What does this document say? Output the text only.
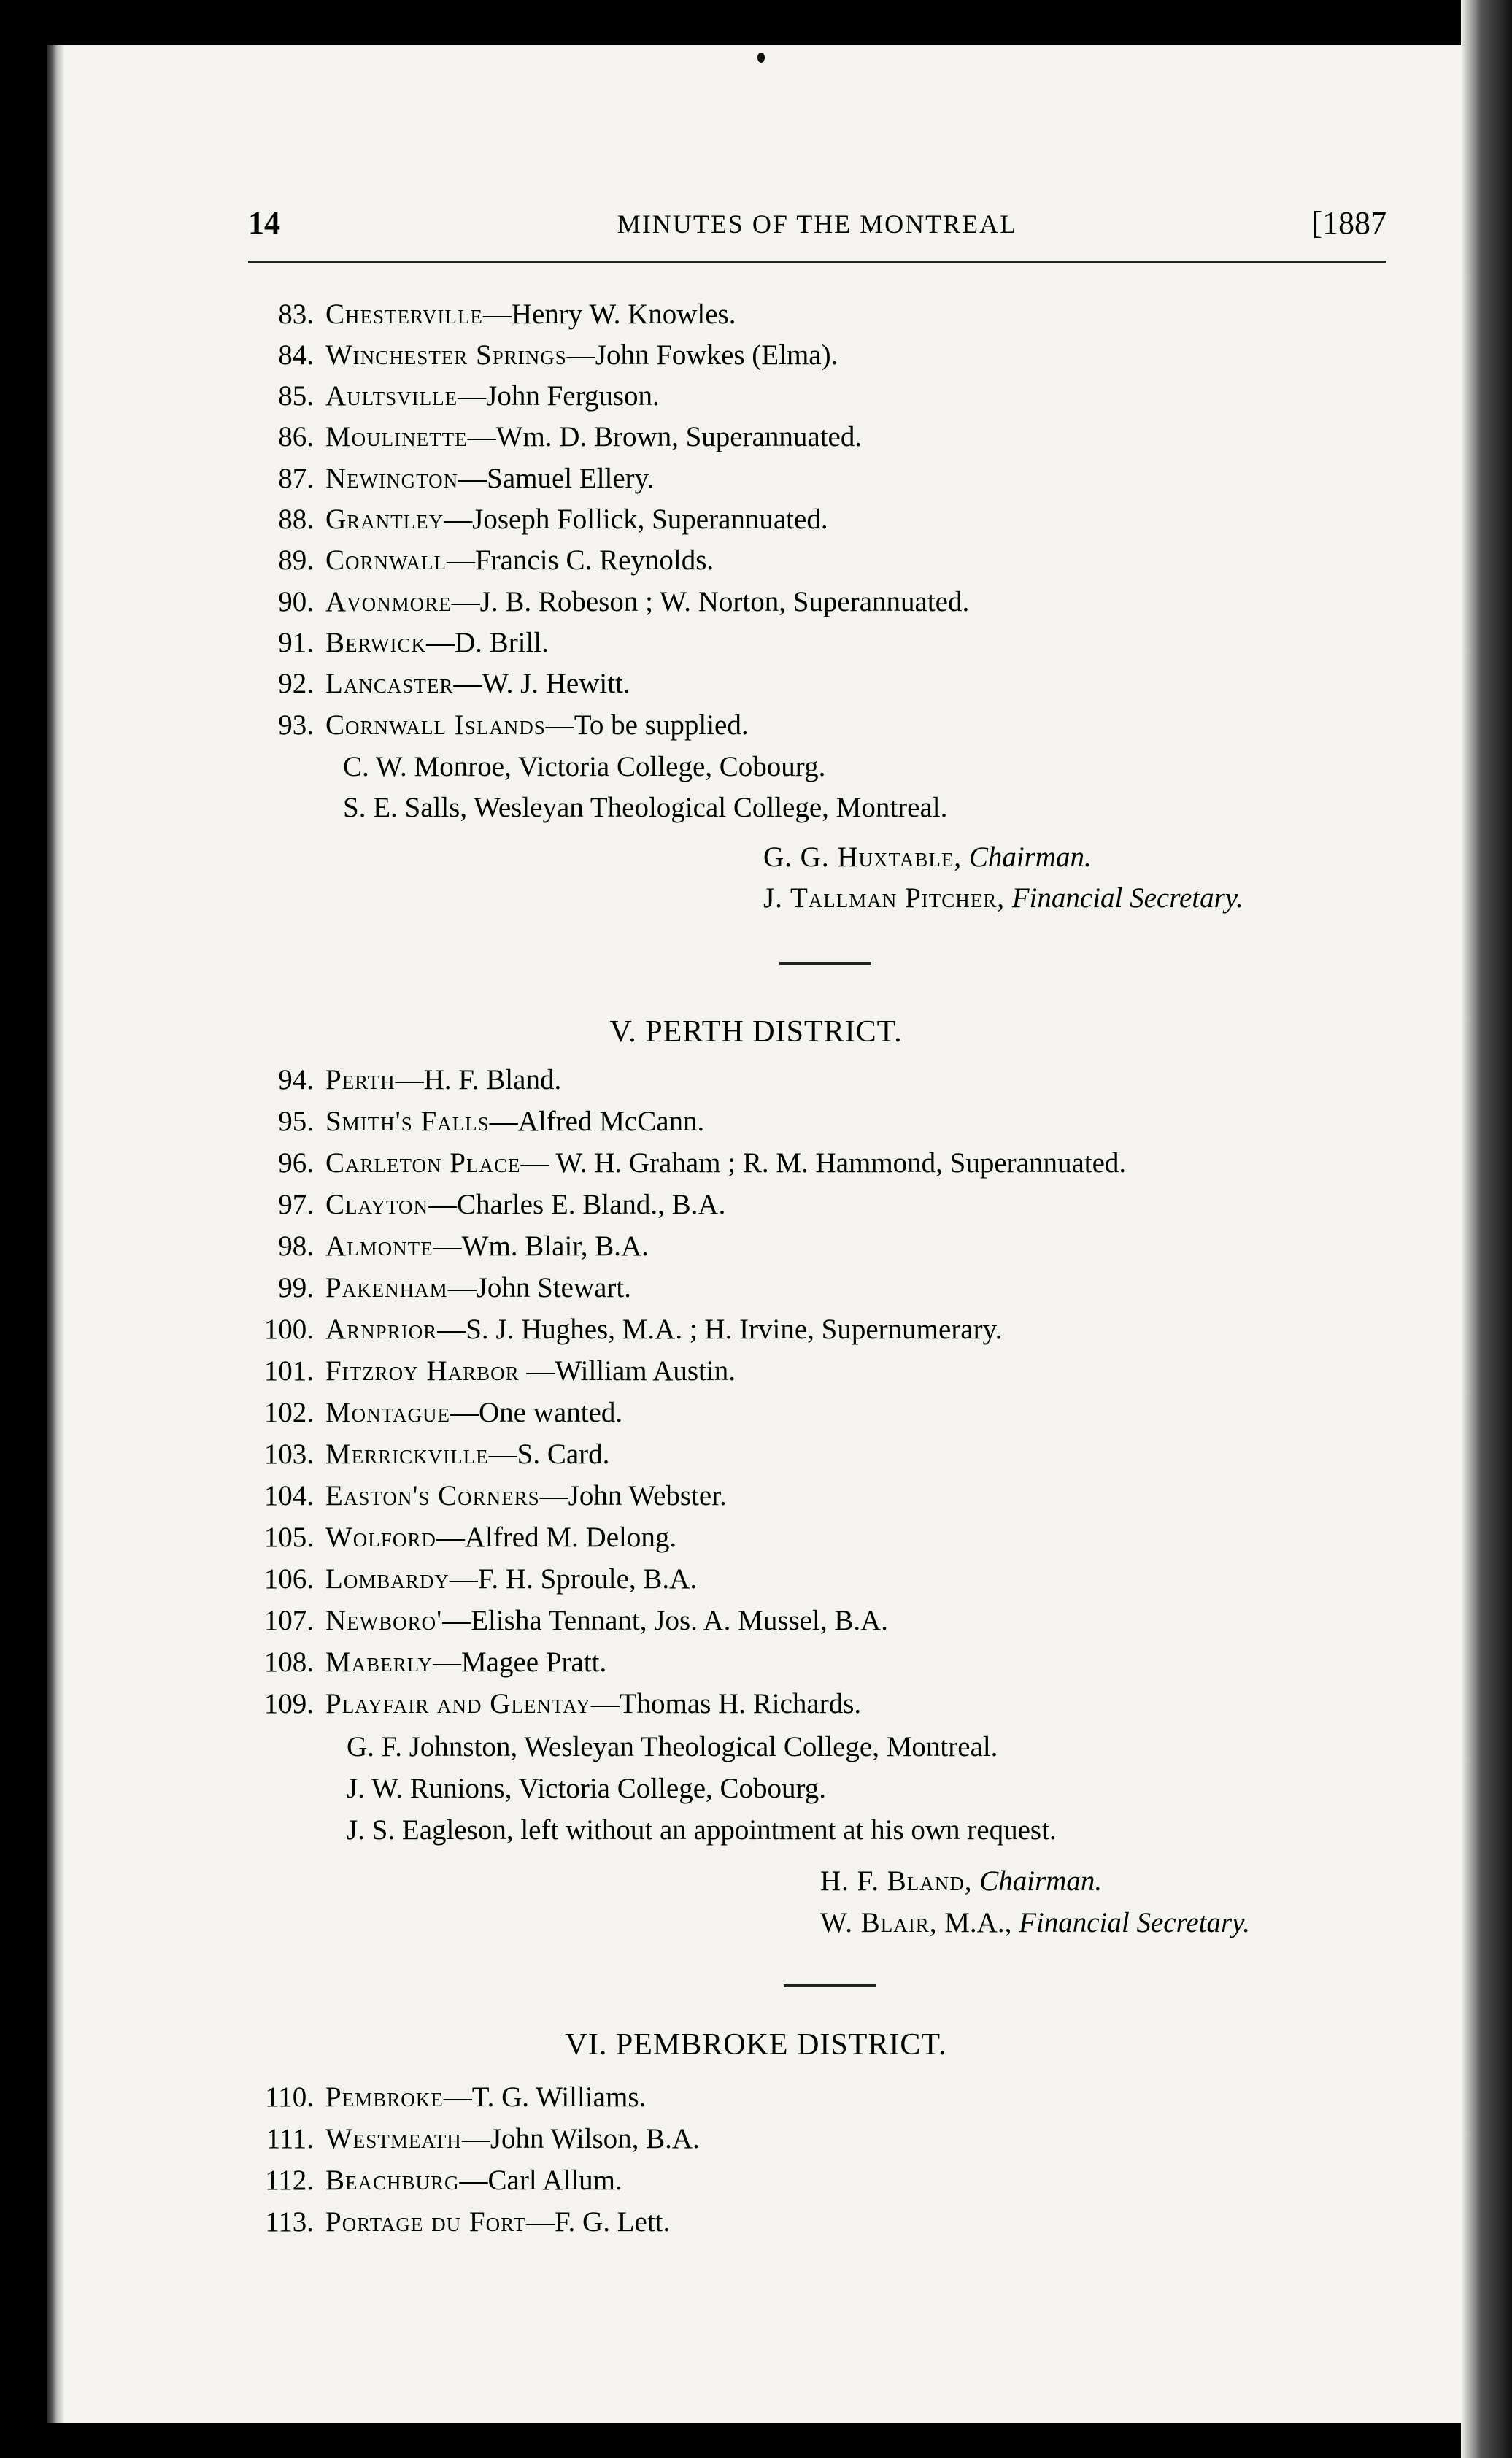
14	MINUTES OF THE MONTREAL	[1887
83. Chesterville—Henry W. Knowles.
84. Winchester Springs—John Fowkes (Elma).
85. Aultsville—John Ferguson.
86. Moulinette—Wm. D. Brown, Superannuated.
87. Newington—Samuel Ellery.
88. Grantley—Joseph Follick, Superannuated.
89. Cornwall—Francis C. Reynolds.
90. Avonmore—J. B. Robeson ; W. Norton, Superannuated.
91. Berwick—D. Brill.
92. Lancaster—W. J. Hewitt.
93. Cornwall Islands—To be supplied.
C. W. Monroe, Victoria College, Cobourg.
S. E. Salls, Wesleyan Theological College, Montreal.
G. G. Huxtable, Chairman.
J. Tallman Pitcher, Financial Secretary.
V. PERTH DISTRICT.
94. Perth—H. F. Bland.
95. Smith's Falls—Alfred McCann.
96. Carleton Place— W. H. Graham ; R. M. Hammond, Superannuated.
97. Clayton—Charles E. Bland., B.A.
98. Almonte—Wm. Blair, B.A.
99. Pakenham—John Stewart.
100. Arnprior—S. J. Hughes, M.A. ; H. Irvine, Supernumerary.
101. Fitzroy Harbor —William Austin.
102. Montague—One wanted.
103. Merrickville—S. Card.
104. Easton's Corners—John Webster.
105. Wolford—Alfred M. Delong.
106. Lombardy—F. H. Sproule, B.A.
107. Newboro'—Elisha Tennant, Jos. A. Mussel, B.A.
108. Maberly—Magee Pratt.
109. Playfair and Glentay—Thomas H. Richards.
G. F. Johnston, Wesleyan Theological College, Montreal.
J. W. Runions, Victoria College, Cobourg.
J. S. Eagleson, left without an appointment at his own request.
H. F. Bland, Chairman.
W. Blair, M.A., Financial Secretary.
VI. PEMBROKE DISTRICT.
110. Pembroke—T. G. Williams.
111. Westmeath—John Wilson, B.A.
112. Beachburg—Carl Allum.
113. Portage du Fort—F. G. Lett.
